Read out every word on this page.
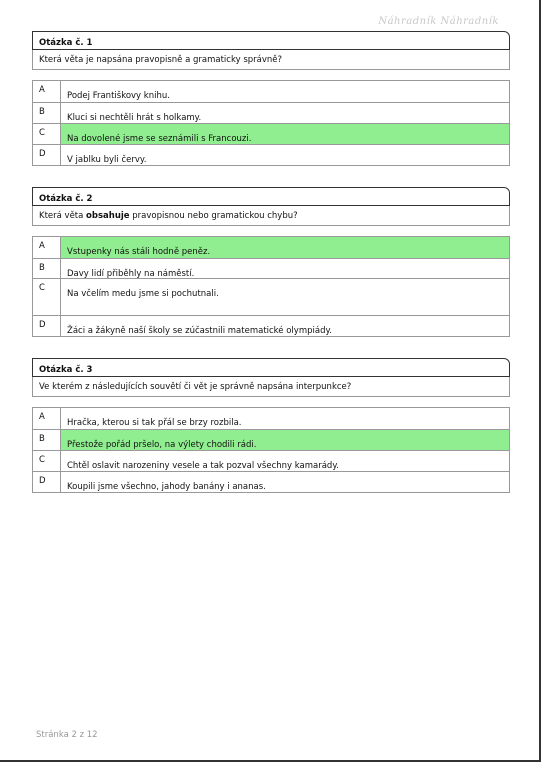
Náhradník Náhradník
Otázka č. 1
Která věta je napsána pravopisně a gramaticky správně?
A
Podej Františkovy knihu.
B
Kluci si nechtěli hrát s holkamy.
C
Na dovolené jsme se seznámili s Francouzi.
D
V jablku byli červy.
Otázka č. 2
Která věta obsahuje pravopisnou nebo gramatickou chybu?
A
Vstupenky nás stáli hodně peněz.
B
Davy lidí přiběhly na náměstí.
C
Na včelím medu jsme si pochutnali.
D
Žáci a žákyně naší školy se zúčastnili matematické olympiády.
Otázka č. 3
Ve kterém z následujících souvětí či vět je správně napsána interpunkce?
A
Hračka, kterou si tak přál se brzy rozbila.
B
Přestože pořád pršelo, na výlety chodili rádi.
C
Chtěl oslavit narozeniny vesele a tak pozval všechny kamarády.
D
Koupili jsme všechno, jahody banány i ananas.
Stránka 2 z 12
